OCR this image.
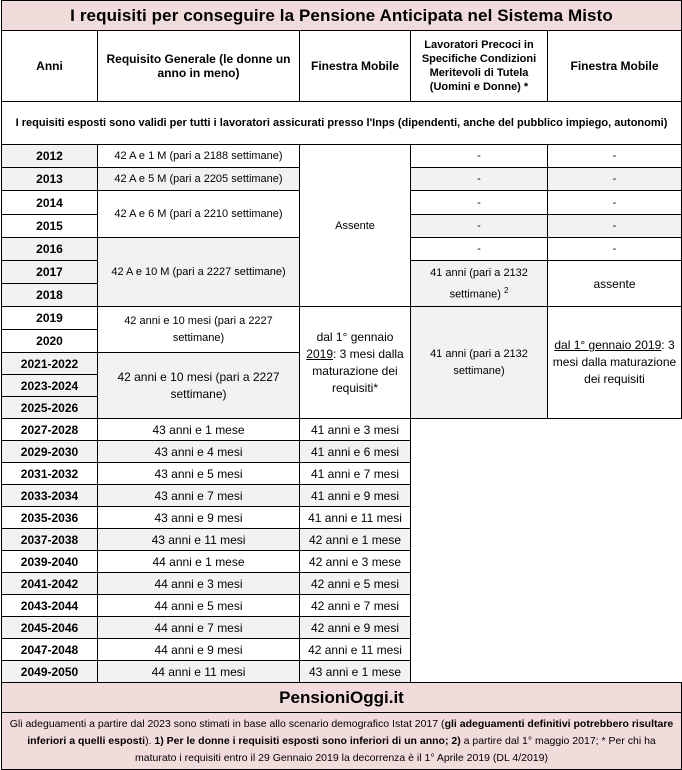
I requisiti per conseguire la Pensione Anticipata nel Sistema Misto				
Anni	Requisito Generale (le donne un anno in meno)	Finestra Mobile	Lavoratori Precoci in Specifiche Condizioni Meritevoli di Tutela (Uomini e Donne) *	Finestra Mobile
I requisiti esposti sono validi per tutti i lavoratori assicurati presso l'Inps (dipendenti, anche del pubblico impiego, autonomi)				
2012	42 A e 1 M (pari a 2188 settimane)	Assente	-	-
2013	42 A e 5 M (pari a 2205 settimane)		-	-
2014	42 A e 6 M (pari a 2210 settimane)		-	-
2015			-	-
2016	42 A e 10 M (pari a 2227 settimane)		-	-
2017			41 anni (pari a 2132 settimane) $^2$	assente
2018				
2019	42 anni e 10 mesi (pari a 2227 settimane)	dal 1° gennaio 2019: 3 mesi dalla maturazione dei requisiti*	41 anni (pari a 2132 settimane)	dal 1° gennaio 2019: 3 mesi dalla maturazione dei requisiti
2020				
2021-2022	42 anni e 10 mesi (pari a 2227 settimane)			
2023-2024				
2025-2026				
2027-2028	43 anni e 1 mese	41 anni e 3 mesi		
2029-2030	43 anni e 4 mesi	41 anni e 6 mesi		
2031-2032	43 anni e 5 mesi	41 anni e 7 mesi		
2033-2034	43 anni e 7 mesi	41 anni e 9 mesi		
2035-2036	43 anni e 9 mesi	41 anni e 11 mesi		
2037-2038	43 anni e 11 mesi	42 anni e 1 mese		
2039-2040	44 anni e 1 mese	42 anni e 3 mese		
2041-2042	44 anni e 3 mesi	42 anni e 5 mesi		
2043-2044	44 anni e 5 mesi	42 anni e 7 mesi		
2045-2046	44 anni e 7 mesi	42 anni e 9 mesi		
2047-2048	44 anni e 9 mesi	42 anni e 11 mesi		
2049-2050	44 anni e 11 mesi	43 anni e 1 mese		
PensioniOggi.it				
Gli adeguamenti a partire dal 2023 sono stimati in base allo scenario demografico Istat 2017 (gli adeguamenti definitivi potrebbero risultare inferiori a quelli esposti). 1) Per le donne i requisiti esposti sono inferiori di un anno; 2) a partire dal 1° maggio 2017; * Per chi ha maturato i requisiti entro il 29 Gennaio 2019 la decorrenza è il 1° Aprile 2019 (DL 4/2019)				
